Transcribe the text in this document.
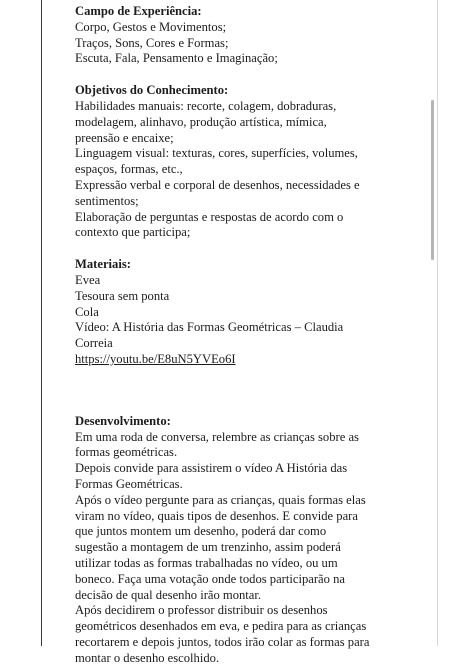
Campo de Experiência:
Corpo, Gestos e Movimentos;
Traços, Sons, Cores e Formas;
Escuta, Fala, Pensamento e Imaginação;
Objetivos do Conhecimento:
Habilidades manuais: recorte, colagem, dobraduras,
modelagem, alinhavo, produção artística, mímica,
preensão e encaixe;
Linguagem visual: texturas, cores, superfícies, volumes,
espaços, formas, etc.,
Expressão verbal e corporal de desenhos, necessidades e
sentimentos;
Elaboração de perguntas e respostas de acordo com o
contexto que participa;
Materiais:
Evea
Tesoura sem ponta
Cola
Vídeo: A História das Formas Geométricas – Claudia
Correia
https://youtu.be/E8uN5YVEo6I
Desenvolvimento:
Em uma roda de conversa, relembre as crianças sobre as
formas geométricas.
Depois convide para assistirem o vídeo A História das
Formas Geométricas.
Após o vídeo pergunte para as crianças, quais formas elas
viram no vídeo, quais tipos de desenhos. E convide para
que juntos montem um desenho, poderá dar como
sugestão a montagem de um trenzinho, assim poderá
utilizar todas as formas trabalhadas no vídeo, ou um
boneco. Faça uma votação onde todos participarão na
decisão de qual desenho irão montar.
Após decidirem o professor distribuir os desenhos
geométricos desenhados em eva, e pedira para as crianças
recortarem e depois juntos, todos irão colar as formas para
montar o desenho escolhido.
